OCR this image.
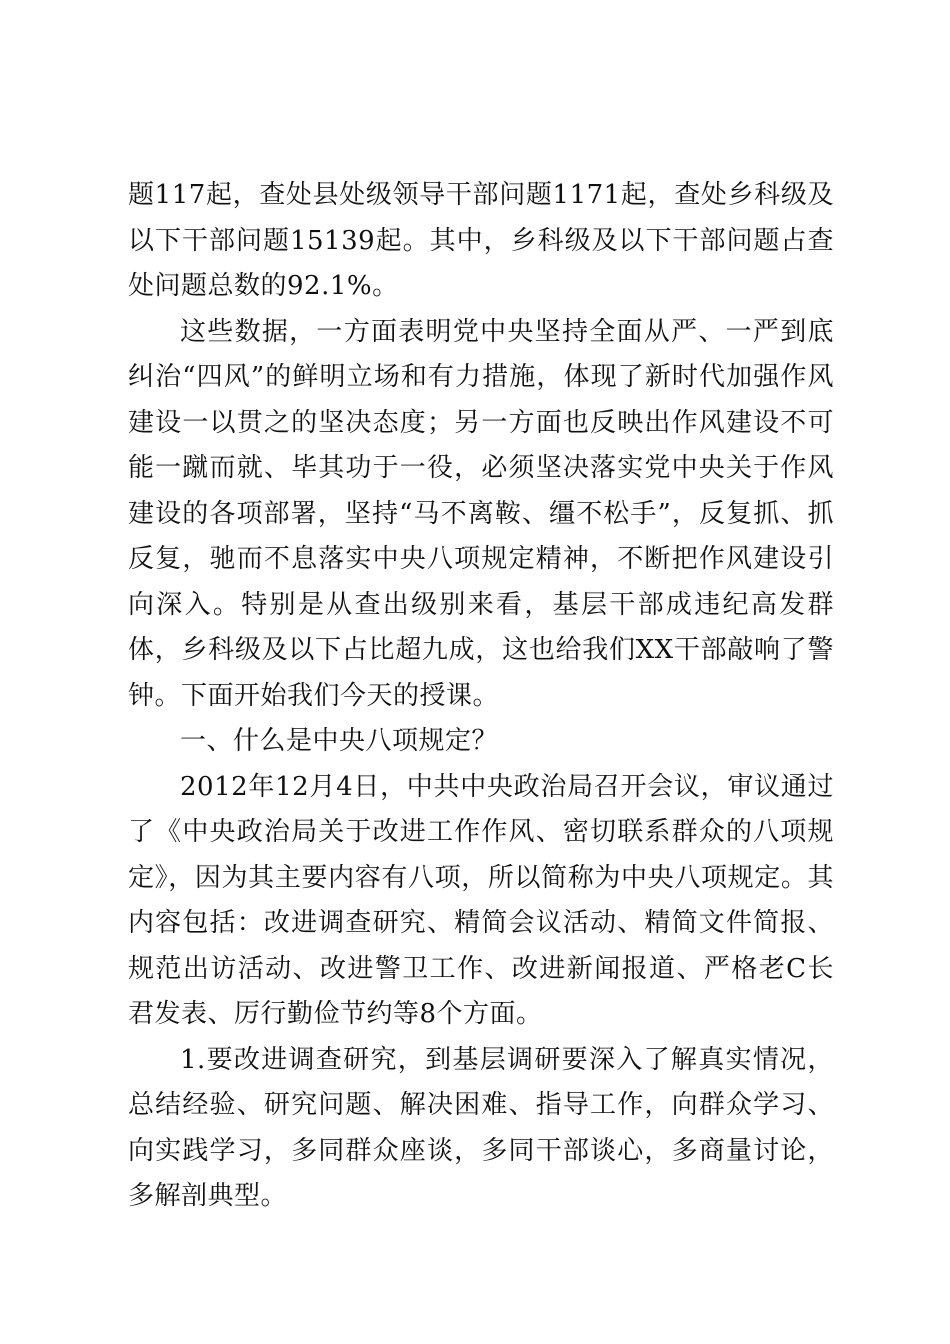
题117起，查处县处级领导干部问题1171起，查处乡科级及以下干部问题15139起。其中，乡科级及以下干部问题占查处问题总数的92.1%。

这些数据，一方面表明党中央坚持全面从严、一严到底纠治“四风”的鲜明立场和有力措施，体现了新时代加强作风建设一以贯之的坚决态度；另一方面也反映出作风建设不可能一蹴而就、毕其功于一役，必须坚决落实党中央关于作风建设的各项部署，坚持“马不离鞍、缰不松手”，反复抓、抓反复，驰而不息落实中央八项规定精神，不断把作风建设引向深入。特别是从查出级别来看，基层干部成违纪高发群体，乡科级及以下占比超九成，这也给我们XX干部敲响了警钟。下面开始我们今天的授课。

一、什么是中央八项规定？

2012年12月4日，中共中央政治局召开会议，审议通过了《中央政治局关于改进工作作风、密切联系群众的八项规定》，因为其主要内容有八项，所以简称为中央八项规定。其内容包括：改进调查研究、精简会议活动、精简文件简报、规范出访活动、改进警卫工作、改进新闻报道、严格老C长君发表、厉行勤俭节约等8个方面。

1.要改进调查研究，到基层调研要深入了解真实情况，总结经验、研究问题、解决困难、指导工作，向群众学习、向实践学习，多同群众座谈，多同干部谈心，多商量讨论，多解剖典型。
